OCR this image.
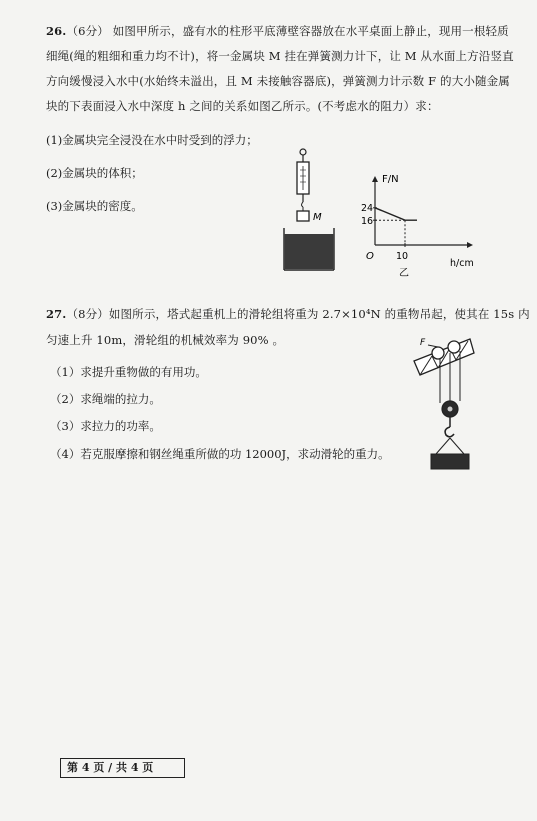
26.（6分） 如图甲所示，盛有水的柱形平底薄壁容器放在水平桌面上静止，现用一根轻质
细绳(绳的粗细和重力均不计)，将一金属块 M 挂在弹簧测力计下，让 M 从水面上方沿竖直
方向缓慢浸入水中(水始终未溢出，且 M 未接触容器底)，弹簧测力计示数 F 的大小随金属
块的下表面浸入水中深度 h 之间的关系如图乙所示。(不考虑水的阻力）求：
(1)金属块完全浸没在水中时受到的浮力；
(2)金属块的体积；
(3)金属块的密度。
M
F/N
h/cm
O
24
16
10
乙
27.（8分）如图所示，塔式起重机上的滑轮组将重为 2.7×10⁴N 的重物吊起，使其在 15s 内
匀速上升 10m，滑轮组的机械效率为 90% 。
（1）求提升重物做的有用功。
（2）求绳端的拉力。
（3）求拉力的功率。
（4）若克服摩擦和钢丝绳重所做的功 12000J，求动滑轮的重力。
F
第 4 页 / 共 4 页
